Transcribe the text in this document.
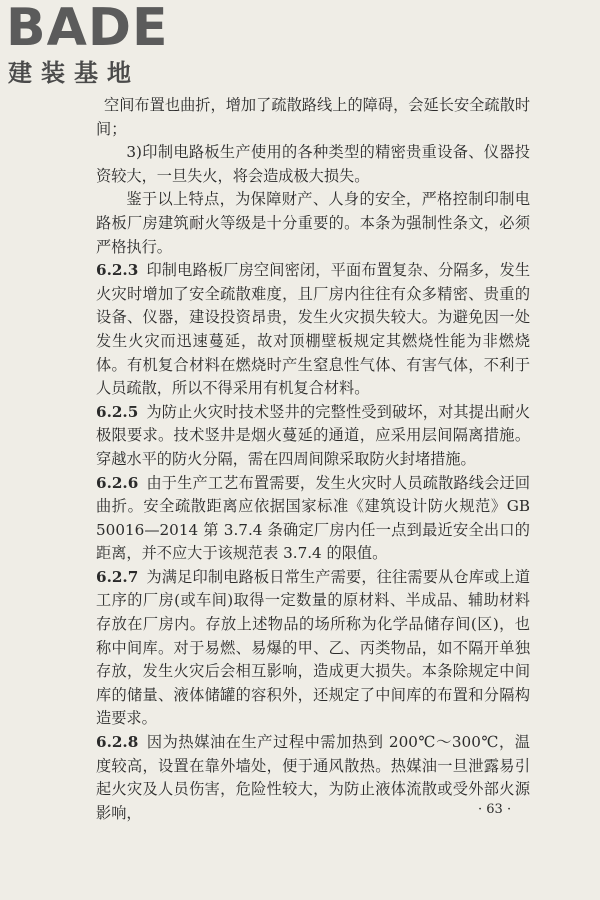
BADE
建装基地

空间布置也曲折，增加了疏散路线上的障碍，会延长安全疏散时间；

3)印制电路板生产使用的各种类型的精密贵重设备、仪器投资较大，一旦失火，将会造成极大损失。

鉴于以上特点，为保障财产、人身的安全，严格控制印制电路板厂房建筑耐火等级是十分重要的。本条为强制性条文，必须严格执行。

6.2.3 印制电路板厂房空间密闭，平面布置复杂、分隔多，发生火灾时增加了安全疏散难度，且厂房内往往有众多精密、贵重的设备、仪器，建设投资昂贵，发生火灾损失较大。为避免因一处发生火灾而迅速蔓延，故对顶棚壁板规定其燃烧性能为非燃烧体。有机复合材料在燃烧时产生窒息性气体、有害气体，不利于人员疏散，所以不得采用有机复合材料。

6.2.5 为防止火灾时技术竖井的完整性受到破坏，对其提出耐火极限要求。技术竖井是烟火蔓延的通道，应采用层间隔离措施。穿越水平的防火分隔，需在四周间隙采取防火封堵措施。

6.2.6 由于生产工艺布置需要，发生火灾时人员疏散路线会迂回曲折。安全疏散距离应依据国家标准《建筑设计防火规范》GB 50016—2014 第 3.7.4 条确定厂房内任一点到最近安全出口的距离，并不应大于该规范表 3.7.4 的限值。

6.2.7 为满足印制电路板日常生产需要，往往需要从仓库或上道工序的厂房(或车间)取得一定数量的原材料、半成品、辅助材料存放在厂房内。存放上述物品的场所称为化学品储存间(区)，也称中间库。对于易燃、易爆的甲、乙、丙类物品，如不隔开单独存放，发生火灾后会相互影响，造成更大损失。本条除规定中间库的储量、液体储罐的容积外，还规定了中间库的布置和分隔构造要求。

6.2.8 因为热媒油在生产过程中需加热到 200℃～300℃，温度较高，设置在靠外墙处，便于通风散热。热媒油一旦泄露易引起火灾及人员伤害，危险性较大，为防止液体流散或受外部火源影响，	· 63 ·
